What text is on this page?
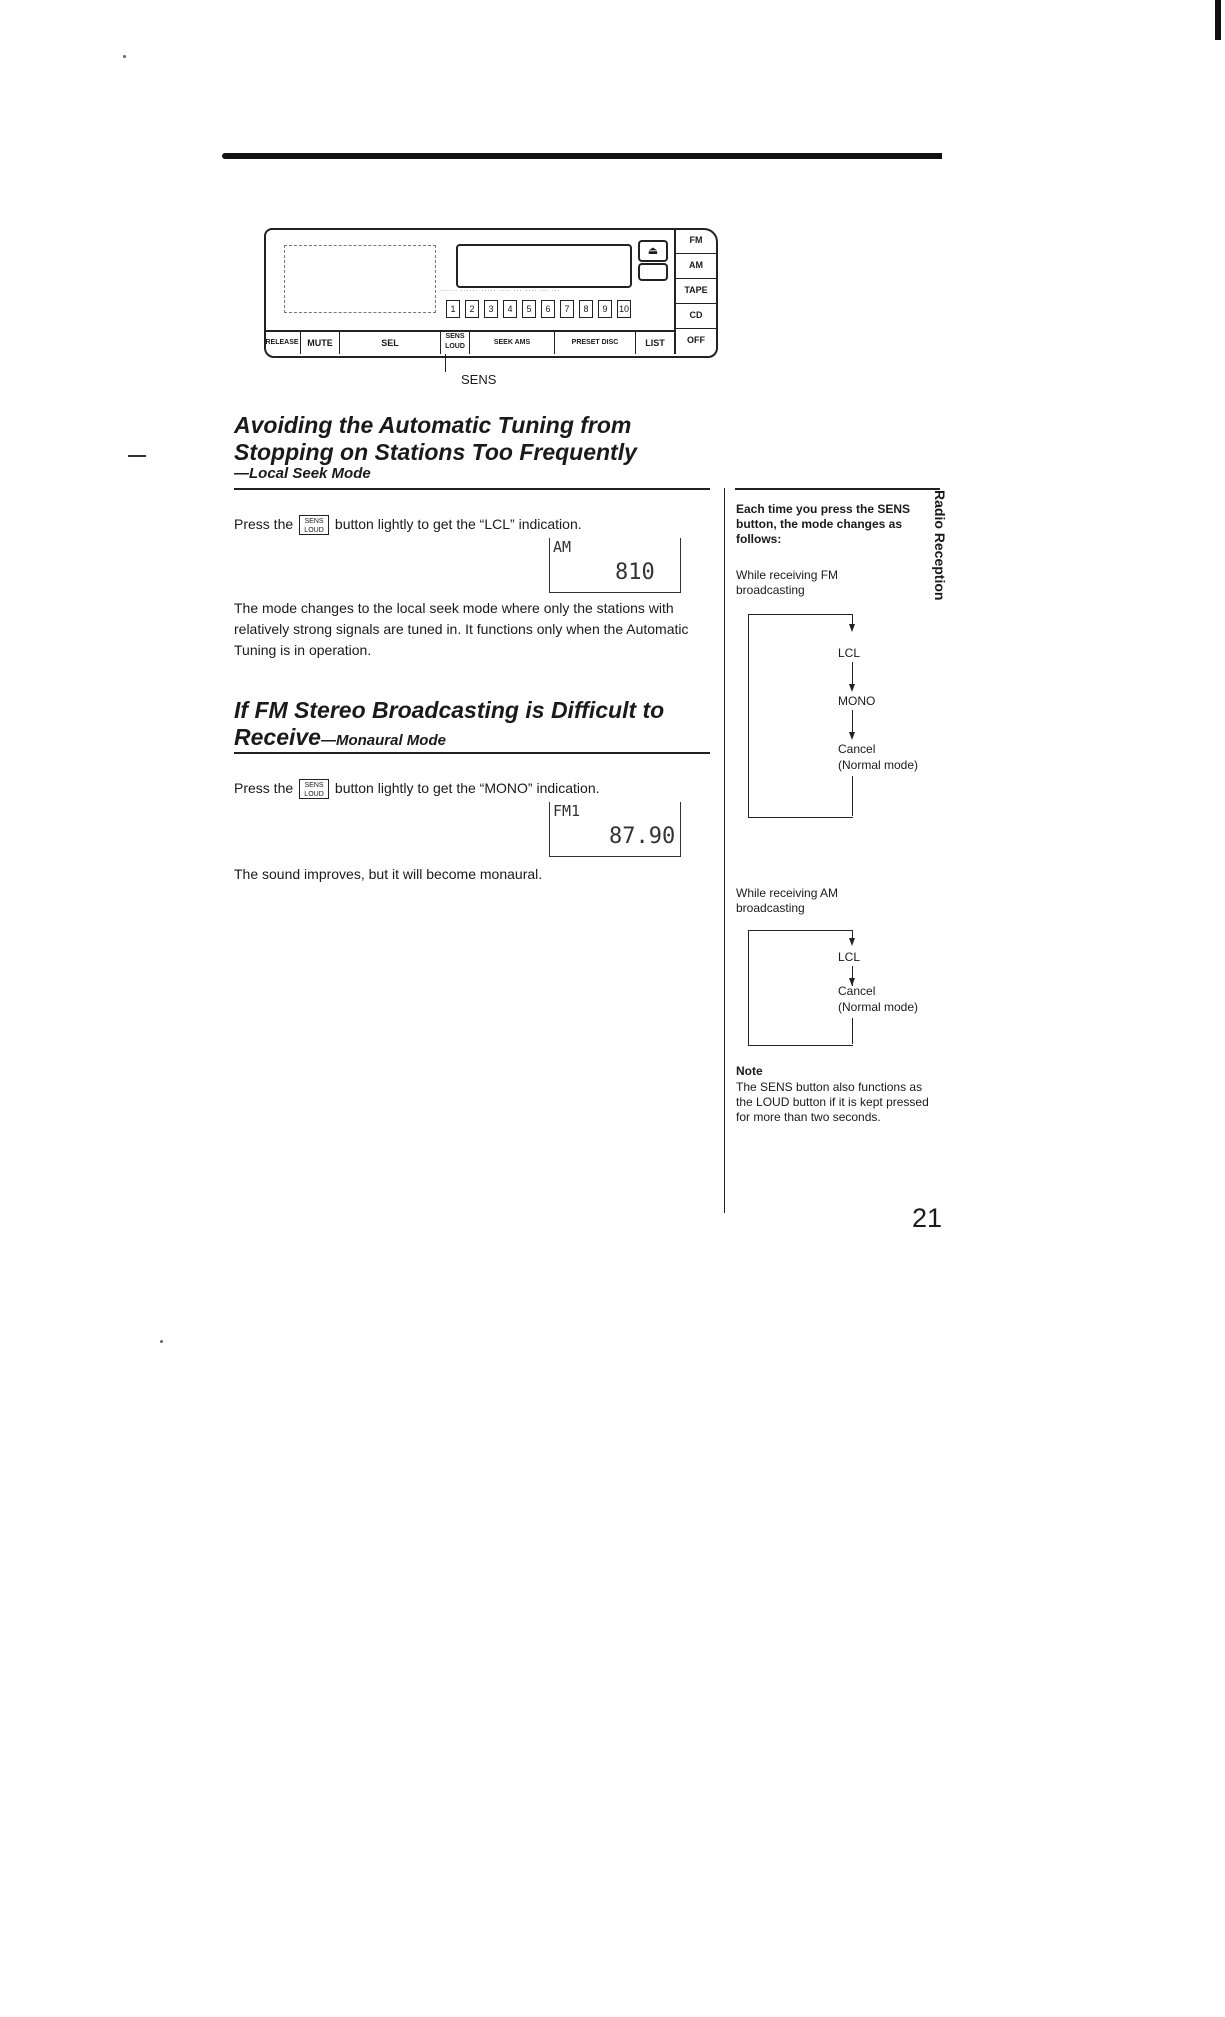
⏏
······ ······ ····· ···· ··· ···· ··· ···
1	2	3	4	5	6	7	8	9	10
FM
AM
TAPE
CD
OFF
RELEASE MUTE	SEL
SENS LOUD
SEEK AMS	PRESET DISC	LIST
SENS
Avoiding the Automatic Tuning from
Stopping on Stations Too Frequently
—Local Seek Mode
Press the SENS
LOUD button lightly to get the “LCL” indication.
AM
810
The mode changes to the local seek mode where only the stations with relatively strong signals are tuned in. It functions only when the Automatic Tuning is in operation.
If FM Stereo Broadcasting is Difficult to
Receive—Monaural Mode
Press the SENS
LOUD button lightly to get the “MONO” indication.
FM1
87.90
The sound improves, but it will become monaural.
Each time you press the SENS button, the mode changes as follows:
While receiving FM broadcasting
LCL
MONO
Cancel
(Normal mode)
While receiving AM broadcasting
LCL
Cancel
(Normal mode)
Note
The SENS button also functions as the LOUD button if it is kept pressed for more than two seconds.
Radio Reception
21
